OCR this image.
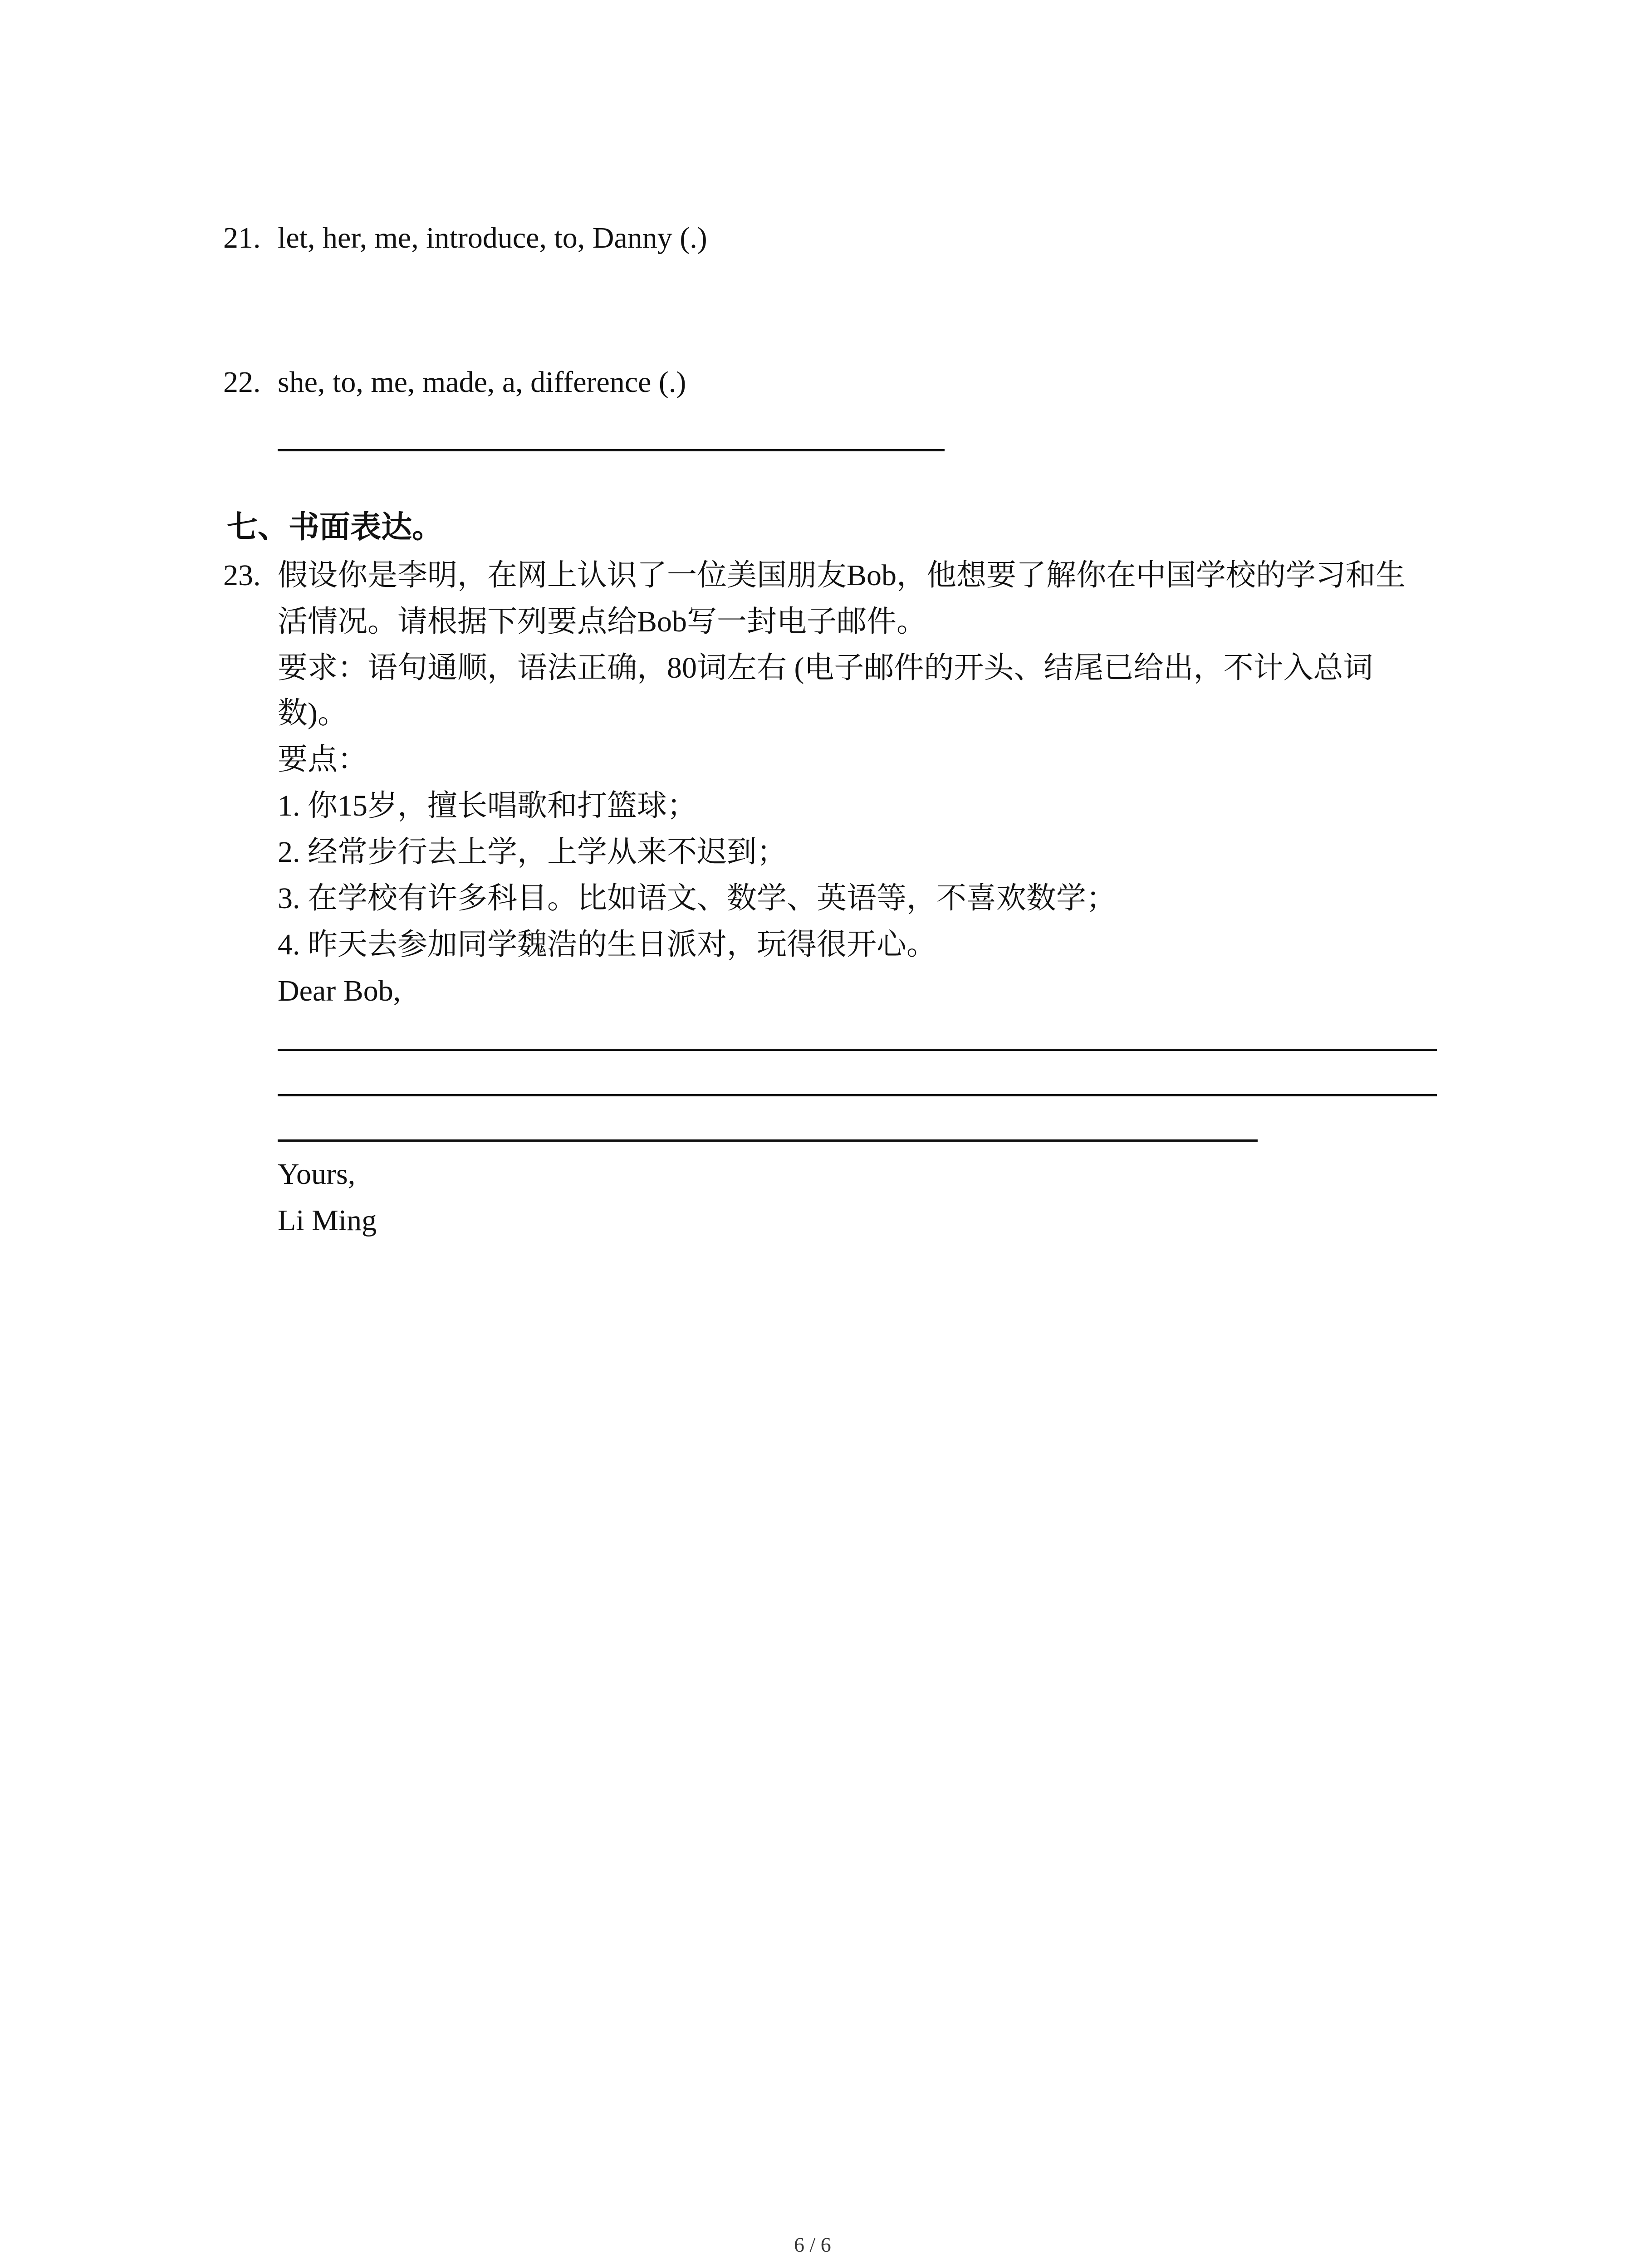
21. let, her, me, introduce, to, Danny (.)
22. she, to, me, made, a, difference (.)
七、书面表达。
23. 假设你是李明，在网上认识了一位美国朋友Bob，他想要了解你在中国学校的学习和生
活情况。请根据下列要点给Bob写一封电子邮件。
要求：语句通顺，语法正确，80词左右 (电子邮件的开头、结尾已给出，不计入总词
数)。
要点：
1. 你15岁，擅长唱歌和打篮球；
2. 经常步行去上学，上学从来不迟到；
3. 在学校有许多科目。比如语文、数学、英语等，不喜欢数学；
4. 昨天去参加同学魏浩的生日派对，玩得很开心。
Dear Bob,
Yours,
Li Ming
6 / 6
